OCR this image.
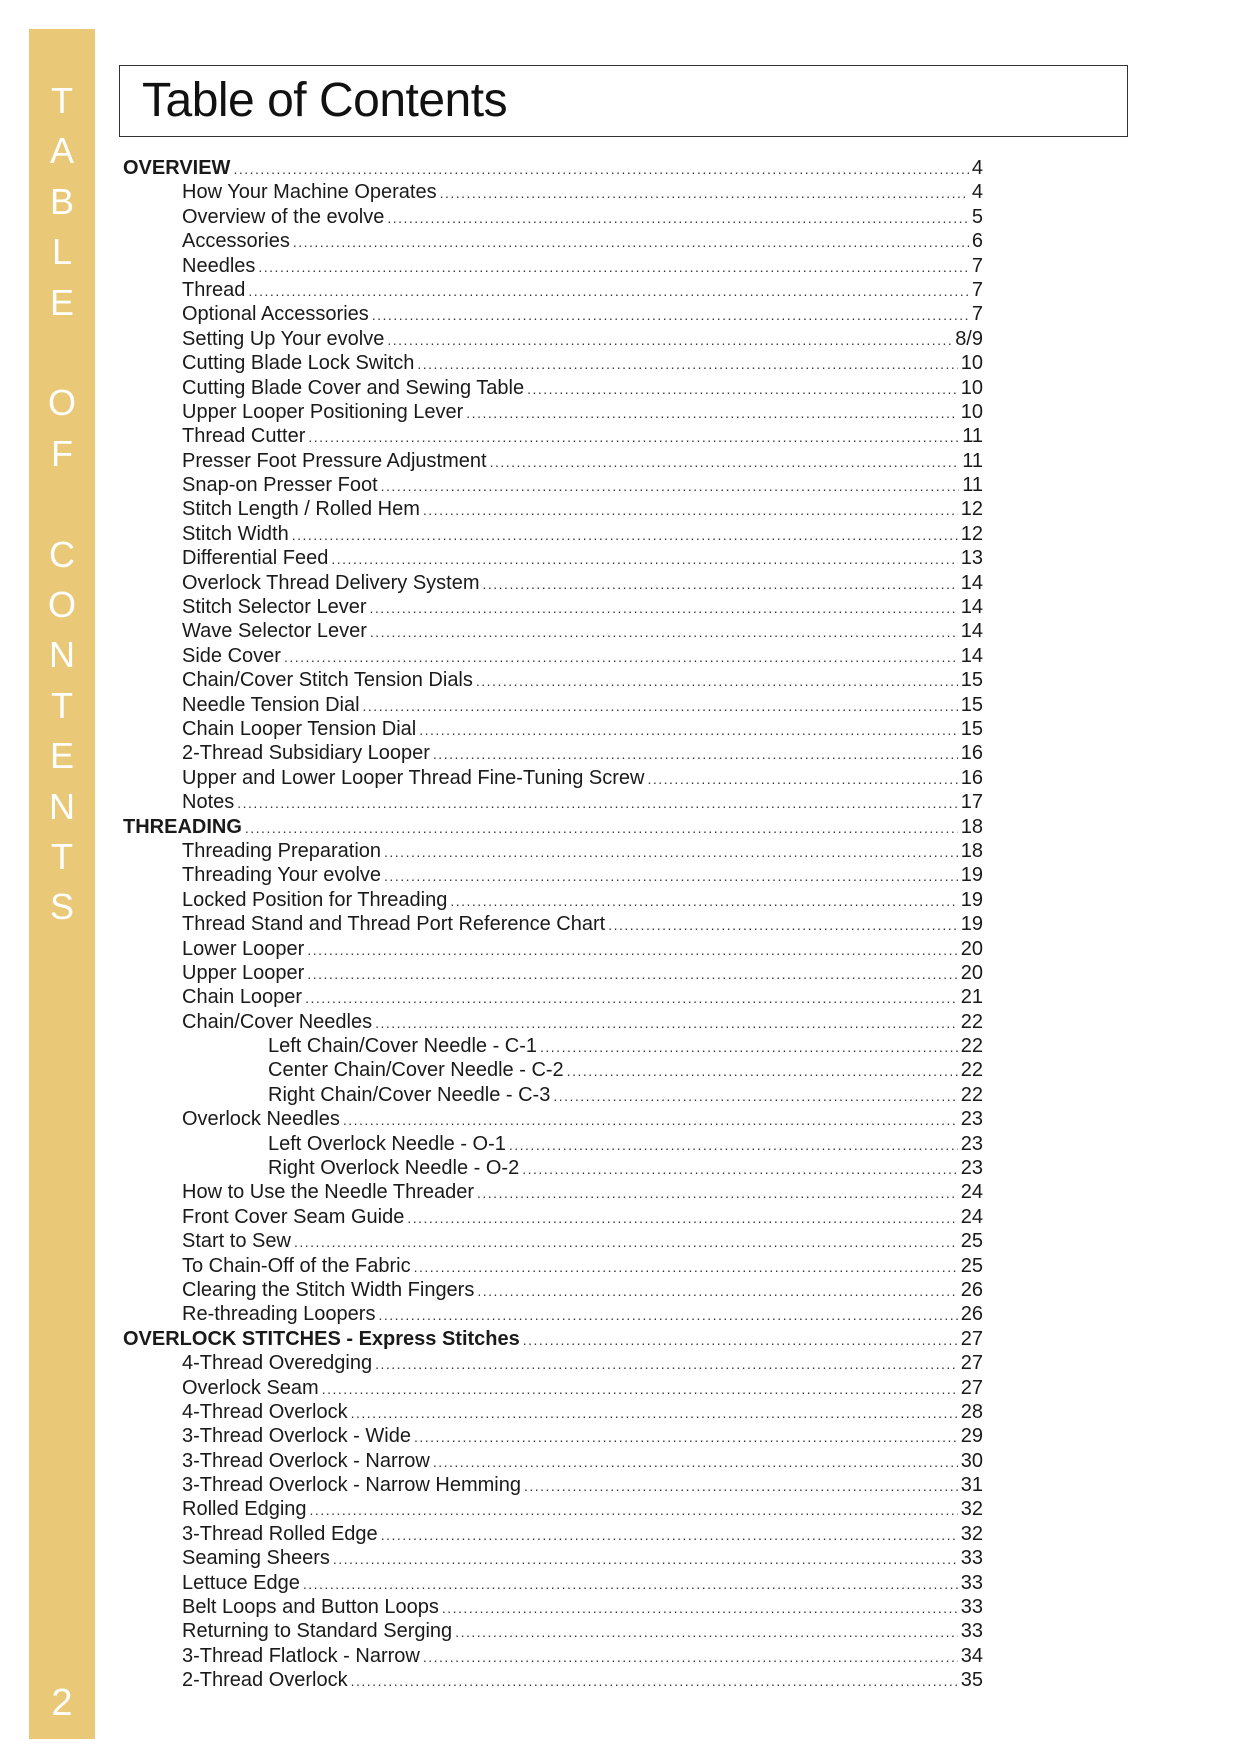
T
A
B
L
E
O
F
C
O
N
T
E
N
T
S
2
Table of Contents
OVERVIEW .....	4
How Your Machine Operates .....	4
Overview of the evolve .....	5
Accessories .....	6
Needles .....	7
Thread .....	7
Optional Accessories .....	7
Setting Up Your evolve .....	8/9
Cutting Blade Lock Switch .....	10
Cutting Blade Cover and Sewing Table .....	10
Upper Looper Positioning Lever .....	10
Thread Cutter .....	11
Presser Foot Pressure Adjustment .....	11
Snap-on Presser Foot .....	11
Stitch Length / Rolled Hem .....	12
Stitch Width .....	12
Differential Feed .....	13
Overlock Thread Delivery System .....	14
Stitch Selector Lever .....	14
Wave Selector Lever .....	14
Side Cover .....	14
Chain/Cover Stitch Tension Dials .....	15
Needle Tension Dial .....	15
Chain Looper Tension Dial .....	15
2-Thread Subsidiary Looper .....	16
Upper and Lower Looper Thread Fine-Tuning Screw .....	16
Notes .....	17
THREADING .....	18
Threading Preparation .....	18
Threading Your evolve .....	19
Locked Position for Threading .....	19
Thread Stand and Thread Port Reference Chart .....	19
Lower Looper .....	20
Upper Looper .....	20
Chain Looper .....	21
Chain/Cover Needles .....	22
Left Chain/Cover Needle - C-1 .....	22
Center Chain/Cover Needle - C-2 .....	22
Right Chain/Cover Needle - C-3 .....	22
Overlock Needles .....	23
Left Overlock Needle - O-1 .....	23
Right Overlock Needle - O-2 .....	23
How to Use the Needle Threader .....	24
Front Cover Seam Guide .....	24
Start to Sew .....	25
To Chain-Off of the Fabric .....	25
Clearing the Stitch Width Fingers .....	26
Re-threading Loopers .....	26
OVERLOCK STITCHES - Express Stitches .....	27
4-Thread Overedging .....	27
Overlock Seam .....	27
4-Thread Overlock .....	28
3-Thread Overlock - Wide .....	29
3-Thread Overlock - Narrow .....	30
3-Thread Overlock - Narrow Hemming .....	31
Rolled Edging .....	32
3-Thread Rolled Edge .....	32
Seaming Sheers .....	33
Lettuce Edge .....	33
Belt Loops and Button Loops .....	33
Returning to Standard Serging .....	33
3-Thread Flatlock - Narrow .....	34
2-Thread Overlock .....	35
